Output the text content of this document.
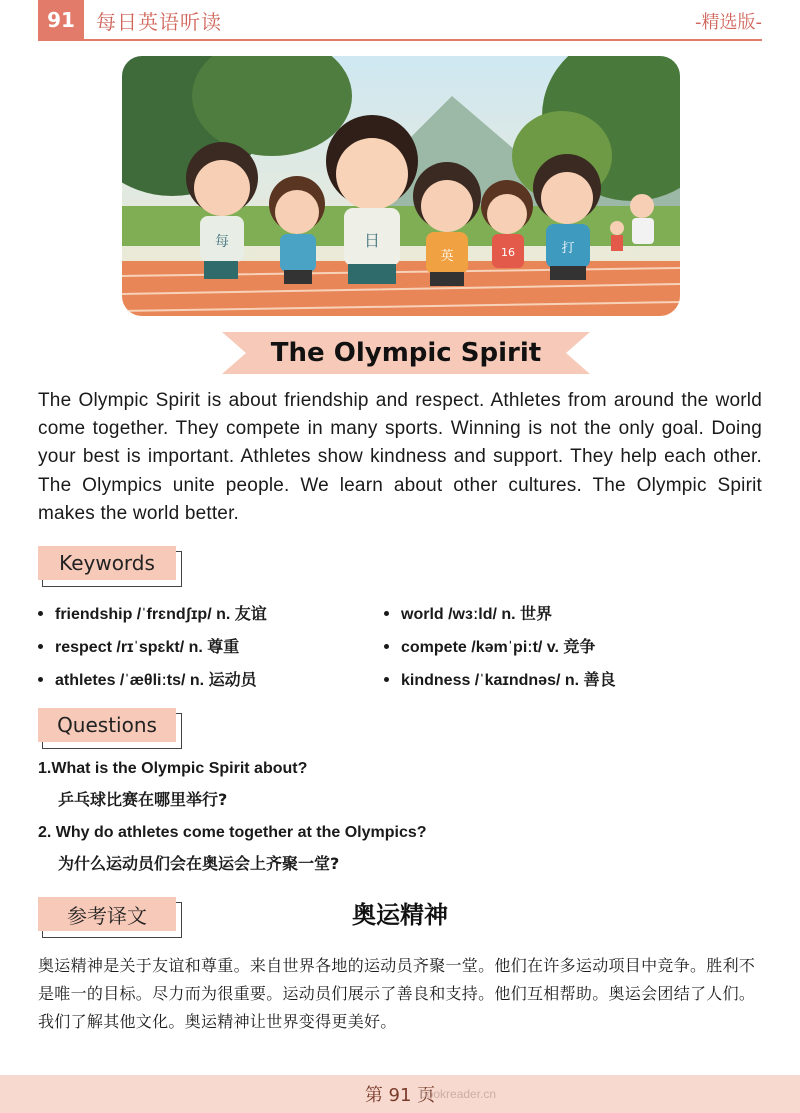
91	每日英语听读	-精选版-
每	日
英	16	打
The Olympic Spirit
The Olympic Spirit is about friendship and respect. Athletes from around the world come together. They compete in many sports. Winning is not the only goal. Doing your best is important. Athletes show kindness and support. They help each other. The Olympics unite people. We learn about other cultures. The Olympic Spirit makes the world better.
Keywords
friendship /ˈfrɛndʃɪp/ n. 友谊
respect /rɪˈspɛkt/ n. 尊重
athletes /ˈæθliːts/ n. 运动员
world /wɜːld/ n. 世界
compete /kəmˈpiːt/ v. 竞争
kindness /ˈkaɪndnəs/ n. 善良
Questions
1.What is the Olympic Spirit about?
乒乓球比赛在哪里举行?
2. Why do athletes come together at the Olympics?
为什么运动员们会在奥运会上齐聚一堂?
参考译文	奥运精神
奥运精神是关于友谊和尊重。来自世界各地的运动员齐聚一堂。他们在许多运动项目中竞争。胜利不是唯一的目标。尽力而为很重要。运动员们展示了善良和支持。他们互相帮助。奥运会团结了人们。我们了解其他文化。奥运精神让世界变得更美好。
第 91 页
bookreader.cn
